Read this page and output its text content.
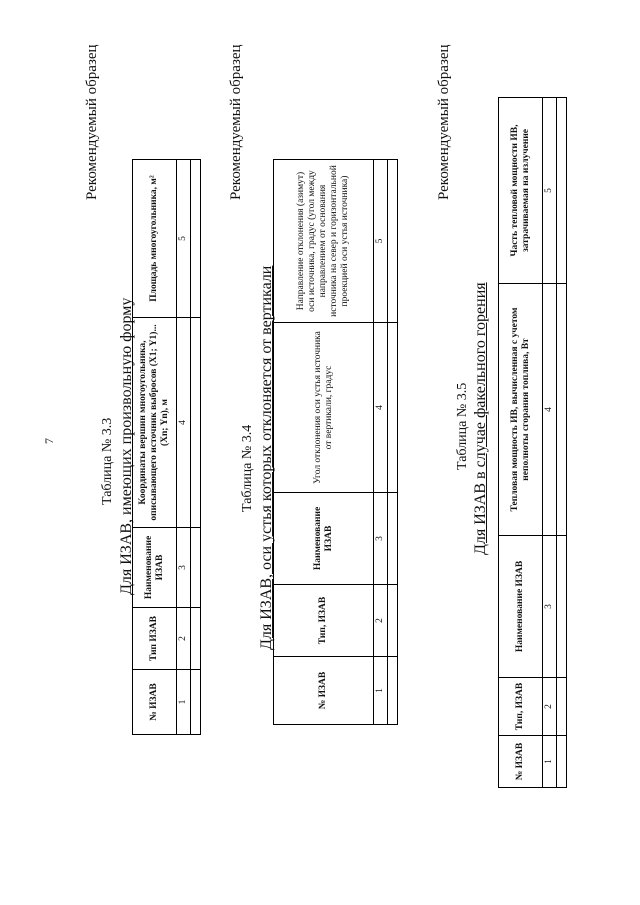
7
Рекомендуемый образец
Таблица № 3.3 Для ИЗАВ, имеющих произвольную форму
№ ИЗАВ	Тип ИЗАВ	Наименование ИЗАВ	Координаты вершин многоугольника, описывающего источник выбросов (X1; Y1)... (Xn; Yn), м	Площадь многоугольника, м²
1	2	3	4	5

Рекомендуемый образец
Таблица № 3.4 Для ИЗАВ, оси устья которых отклоняется от вертикали
№ ИЗАВ	Тип, ИЗАВ	Наименование ИЗАВ	Угол отклонения оси устья источника от вертикали, градус	Направление отклонения (азимут) оси источника, градус (угол между направлением от основания источника на север и горизонтальной проекцией оси устья источника)
1	2	3	4	5

Рекомендуемый образец
Таблица № 3.5 Для ИЗАВ в случае факельного горения
№ ИЗАВ	Тип, ИЗАВ	Наименование ИЗАВ	Тепловая мощность ИВ, вычисленная с учетом неполноты сгорания топлива, Вт	Часть тепловой мощности ИВ, затрачиваемая на излучение
1	2	3	4	5
